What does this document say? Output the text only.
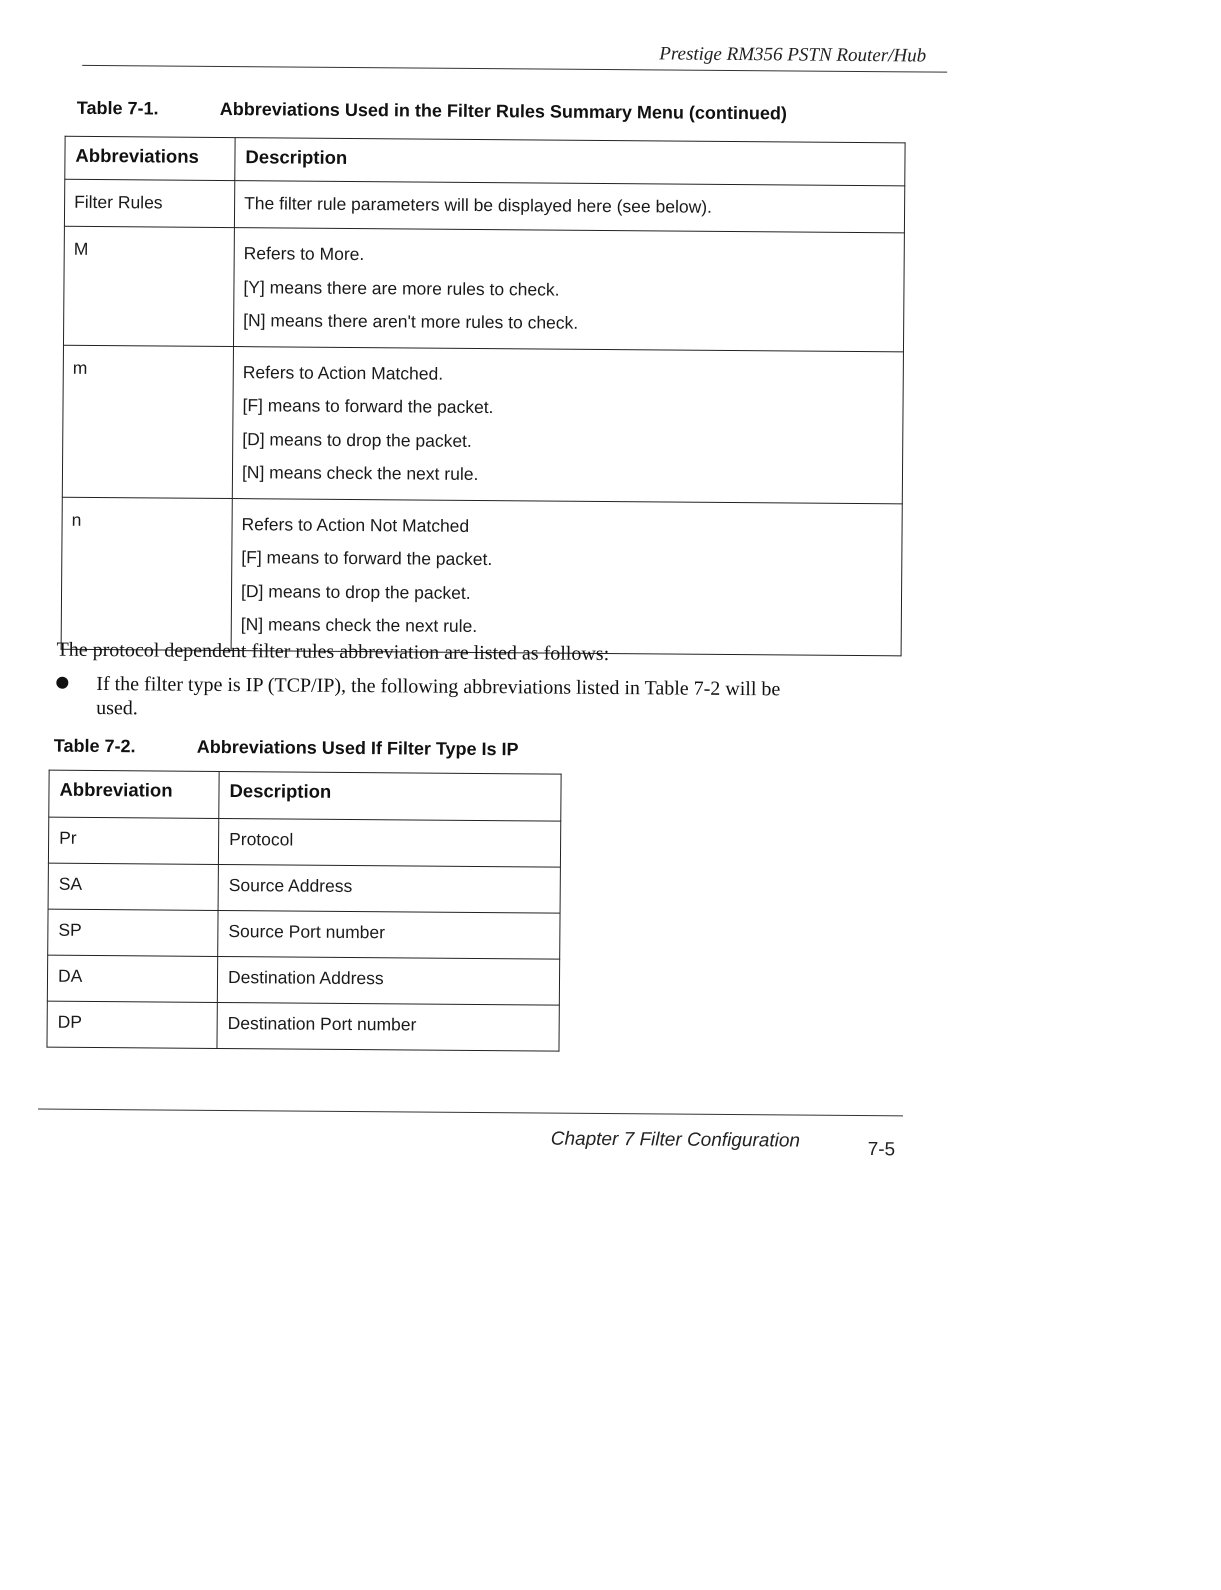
Prestige RM356 PSTN Router/Hub
Table 7-1.	Abbreviations Used in the Filter Rules Summary Menu (continued)
Abbreviations	Description
Filter Rules	The filter rule parameters will be displayed here (see below).

M	Refers to More.
[Y] means there are more rules to check.
[N] means there aren't more rules to check.

m	Refers to Action Matched.
[F] means to forward the packet.
[D] means to drop the packet.
[N] means check the next rule.

n	Refers to Action Not Matched
[F] means to forward the packet.
[D] means to drop the packet.
[N] means check the next rule.
The protocol dependent filter rules abbreviation are listed as follows:
If the filter type is IP (TCP/IP), the following abbreviations listed in Table 7-2 will be
used.
Table 7-2.	Abbreviations Used If Filter Type Is IP
Abbreviation	Description
Pr	Protocol
SA	Source Address
SP	Source Port number
DA	Destination Address
DP	Destination Port number
Chapter 7 Filter Configuration	7-5
